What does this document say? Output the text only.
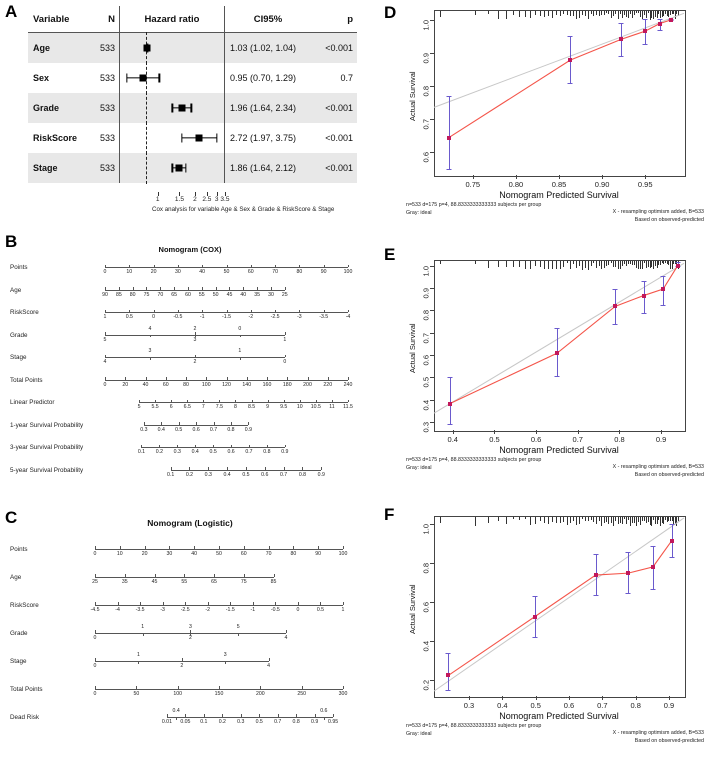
A Variable	N	Hazard ratio	CI95%	p
Age	533		1.03 (1.02, 1.04)	<0.001
Sex	533		0.95 (0.70, 1.29)	0.7
Grade	533		1.96 (1.64, 2.34)	<0.001
RiskScore	533		2.72 (1.97, 3.75)	<0.001
Stage	533		1.86 (1.64, 2.12)	<0.001
1 1.5 2 2.5 3 3.5
Cox analysis for variable Age & Sex & Grade & RiskScore & Stage
B	Nomogram (COX)
Points
0	10	20	30	40	50	60	70	80	90	100
Age
90 85 80 75 70 65 60 55 50 45 40 35 30 25
RiskScore
1	0.5	0	-0.5	-1	-1.5	-2	-2.5	-3	-3.5	-4
Grade
5	3	1
4	2	0
Stage
4	2	0
3	1
Total Points
0	20	40	60	80	100 120 140 160 180 200 220 240
Linear Predictor
5 5.5 6 6.5 7 7.5 8 8.5 9 9.5 10 10.5 11 11.5
1-year Survival Probability
0.3 0.4 0.5 0.6 0.7 0.8 0.9
3-year Survival Probability
0.1 0.2 0.3 0.4 0.5 0.6 0.7 0.8 0.9
5-year Survival Probability
0.1 0.2 0.3 0.4 0.5 0.6 0.7 0.8 0.9
C	Nomogram (Logistic)
Points
0	10	20	30	40	50	60	70	80	90	100
Age
25	35	45	55	65	75	85
RiskScore
-4.5	-4	-3.5	-3	-2.5	-2	-1.5	-1	-0.5	0	0.5	1
Grade
0	2	4
1	3	5
Stage
0	2	4
1	3
Total Points
0	50	100	150	200	250	300
Dead Risk
0.01 0.05 0.1 0.2 0.3 0.5 0.7 0.8 0.9 0.95
0.4	0.6
D
0.6
0.7
0.8
0.9
1.0
0.75	0.80	0.85	0.90	0.95
Nomogram Predicted Survival
Actual Survival
n=533 d=175 p=4, 88.8333333333333 subjects per group
Gray: ideal	X - resampling optimism added, B=533
Based on observed-predicted
E
0.3
0.4
0.5
0.6
0.7
0.8
0.9
1.0
0.4	0.5	0.6	0.7	0.8	0.9
Nomogram Predicted Survival
Actual Survival
n=533 d=175 p=4, 88.8333333333333 subjects per group
Gray: ideal	X - resampling optimism added, B=533
Based on observed-predicted
F
0.2
0.4
0.6
0.8
1.0
0.3	0.4	0.5	0.6	0.7	0.8	0.9
Nomogram Predicted Survival
Actual Survival
n=533 d=175 p=4, 88.8333333333333 subjects per group
Gray: ideal	X - resampling optimism added, B=533
Based on observed-predicted
